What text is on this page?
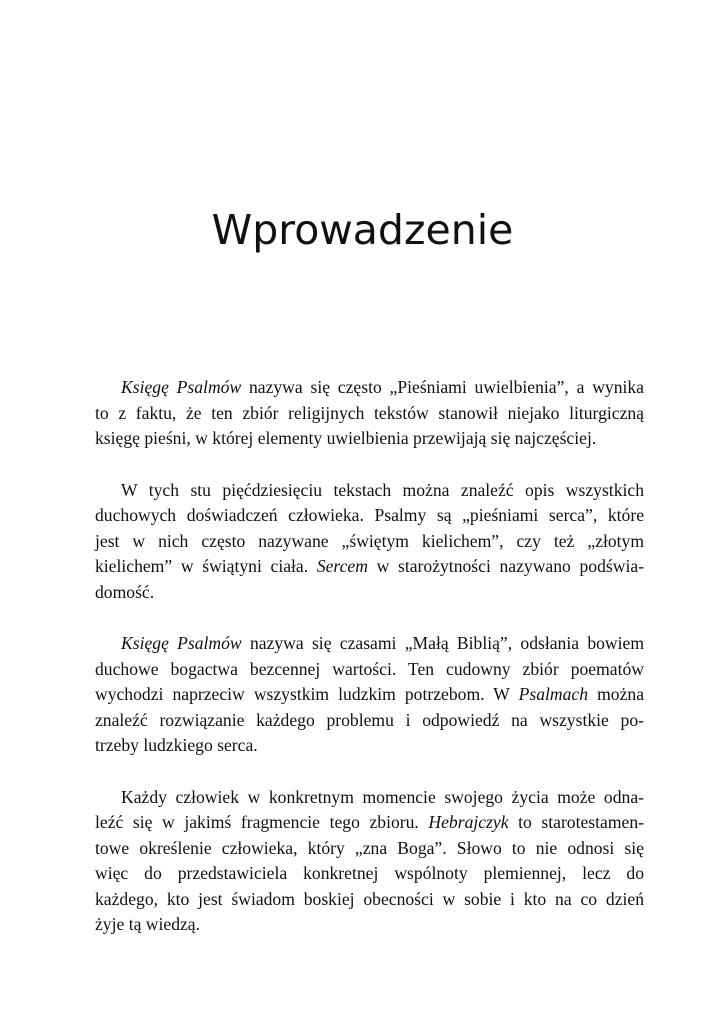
Wprowadzenie
Księgę Psalmów nazywa się często „Pieśniami uwielbienia”, a wynika
to z faktu, że ten zbiór religijnych tekstów stanowił niejako liturgiczną
księgę pieśni, w której elementy uwielbienia przewijają się najczęściej.
W tych stu pięćdziesięciu tekstach można znaleźć opis wszystkich
duchowych doświadczeń człowieka. Psalmy są „pieśniami serca”, które
jest w nich często nazywane „świętym kielichem”, czy też „złotym
kielichem” w świątyni ciała. Sercem w starożytności nazywano podświa-
domość.
Księgę Psalmów nazywa się czasami „Małą Biblią”, odsłania bowiem
duchowe bogactwa bezcennej wartości. Ten cudowny zbiór poematów
wychodzi naprzeciw wszystkim ludzkim potrzebom. W Psalmach można
znaleźć rozwiązanie każdego problemu i odpowiedź na wszystkie po-
trzeby ludzkiego serca.
Każdy człowiek w konkretnym momencie swojego życia może odna-
leźć się w jakimś fragmencie tego zbioru. Hebrajczyk to starotestamen-
towe określenie człowieka, który „zna Boga”. Słowo to nie odnosi się
więc do przedstawiciela konkretnej wspólnoty plemiennej, lecz do
każdego, kto jest świadom boskiej obecności w sobie i kto na co dzień
żyje tą wiedzą.
